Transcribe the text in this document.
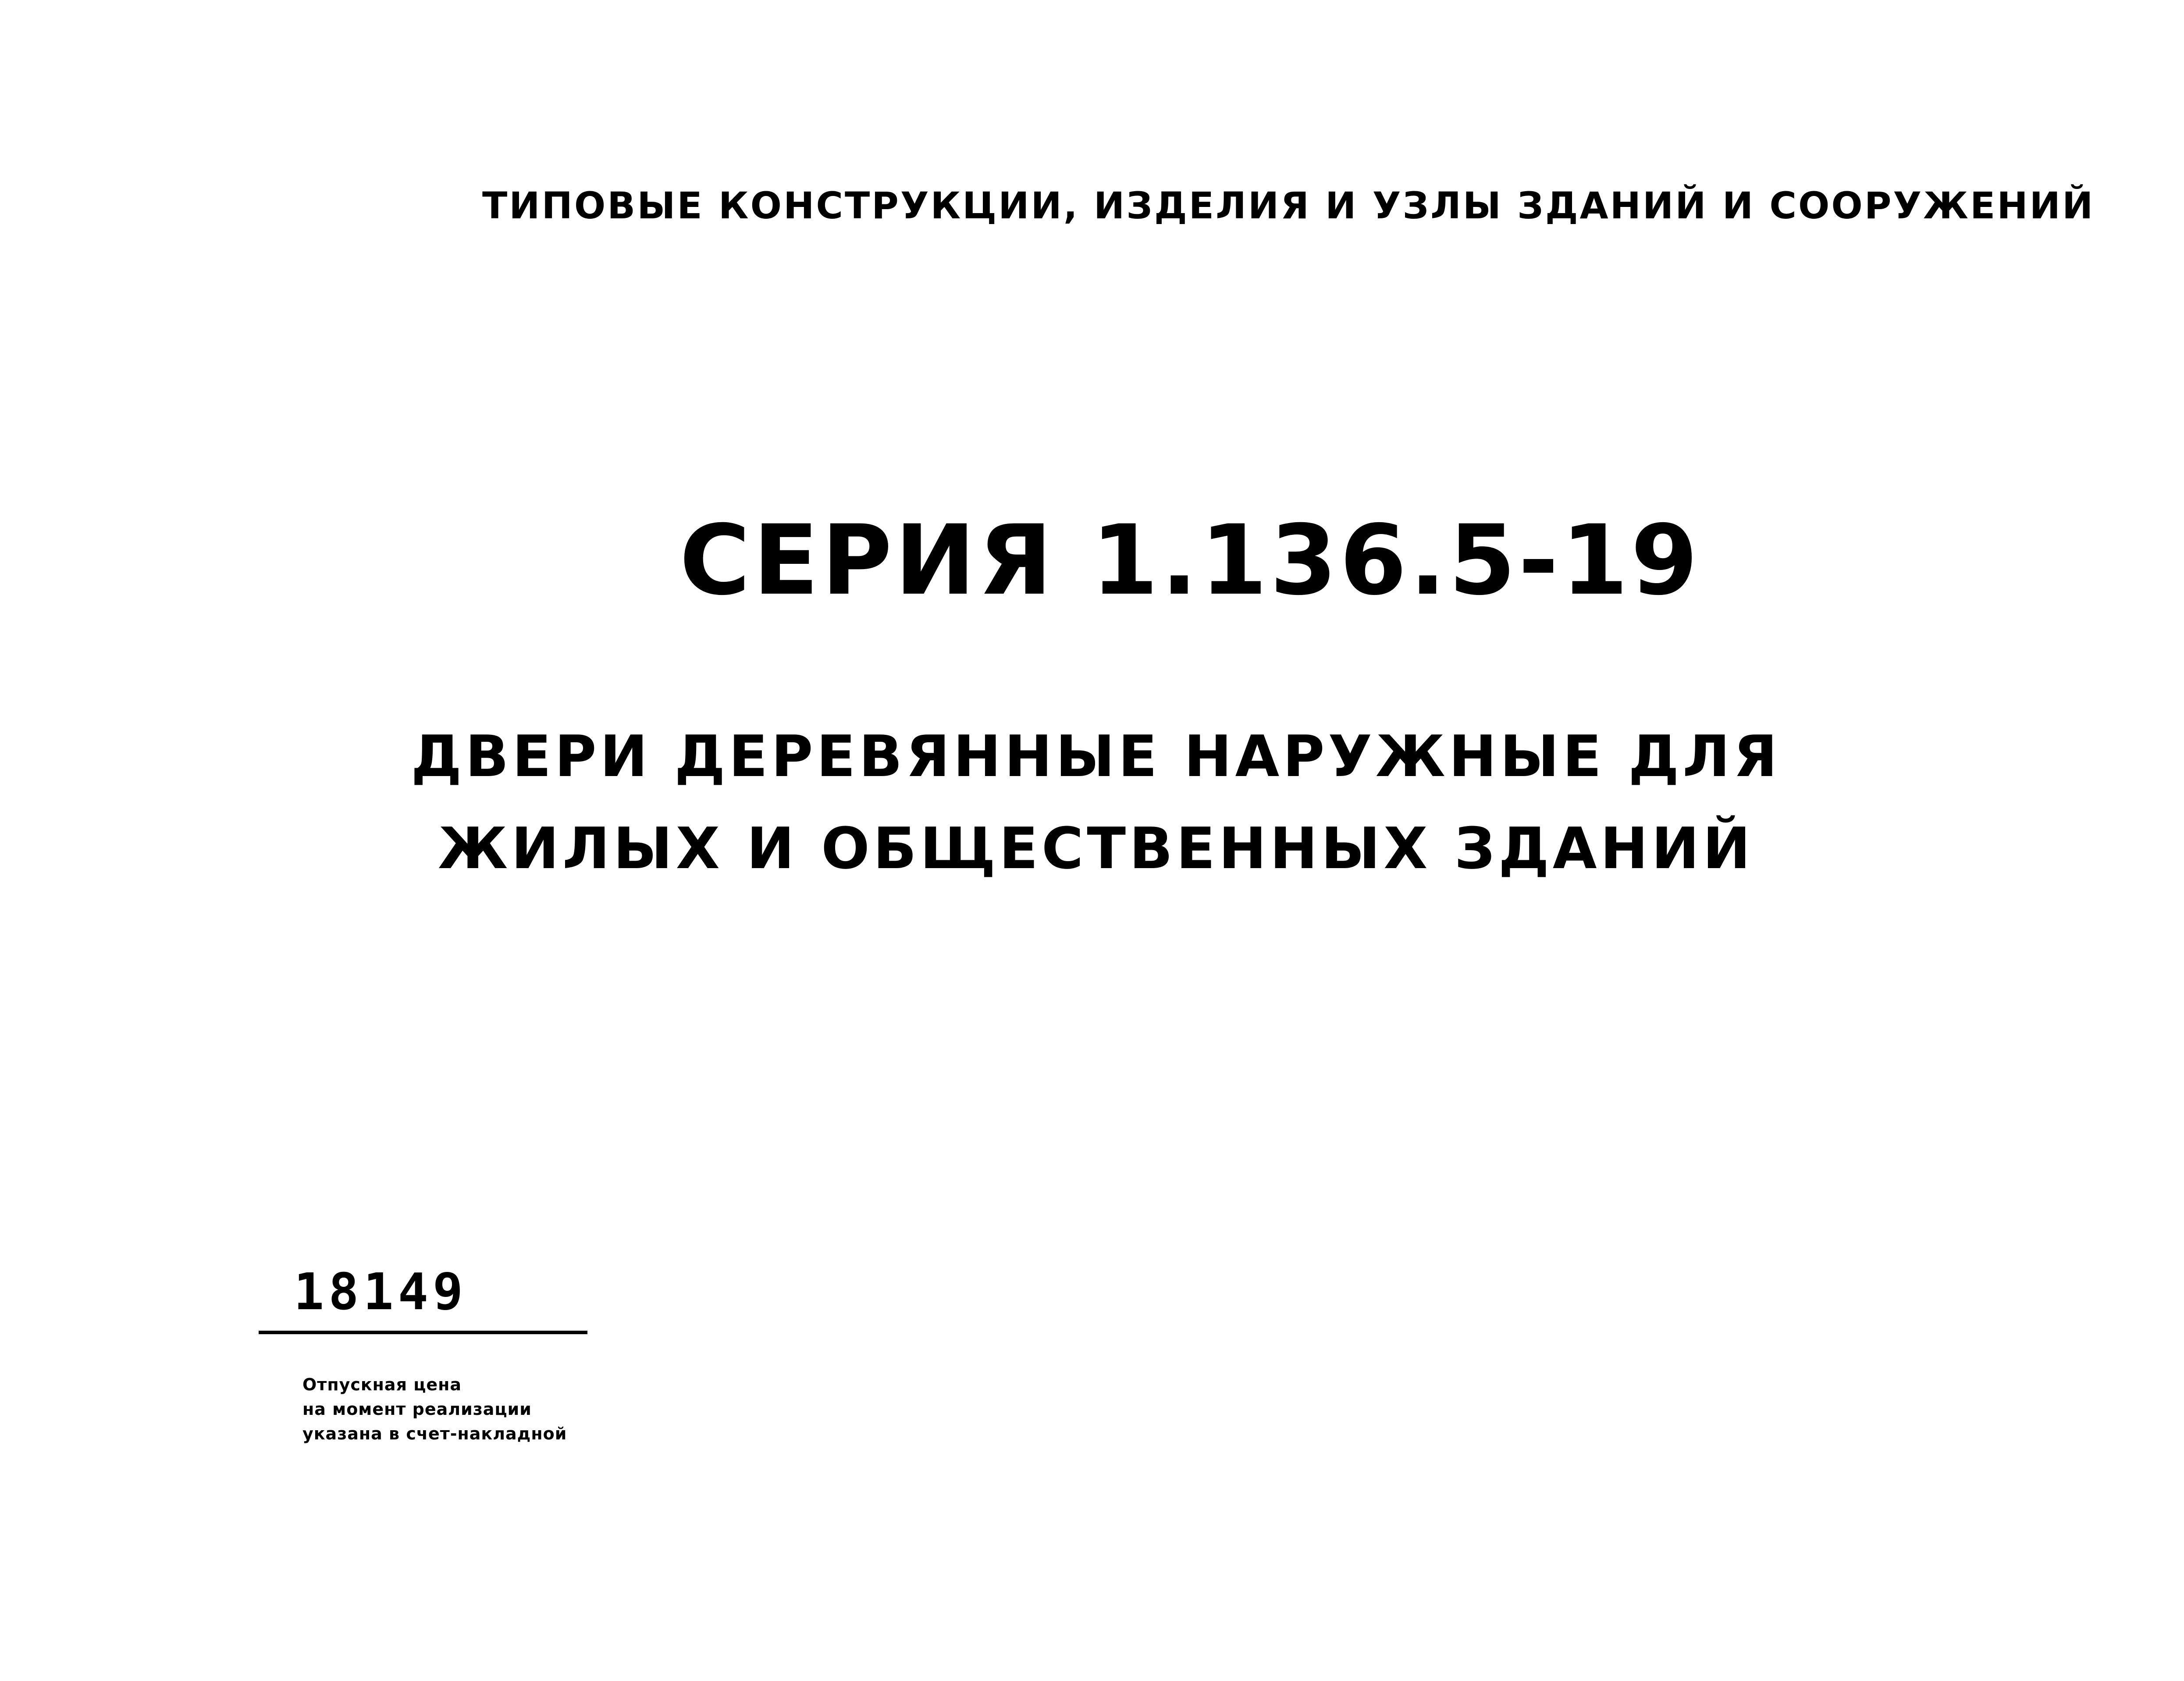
ТИПОВЫЕ КОНСТРУКЦИИ, ИЗДЕЛИЯ И УЗЛЫ ЗДАНИЙ И СООРУЖЕНИЙ
СЕРИЯ 1.136.5-19
ДВЕРИ ДЕРЕВЯННЫЕ НАРУЖНЫЕ ДЛЯ
ЖИЛЫХ И ОБЩЕСТВЕННЫХ ЗДАНИЙ
18149
Отпускная цена
на момент реализации
указана в счет-накладной
